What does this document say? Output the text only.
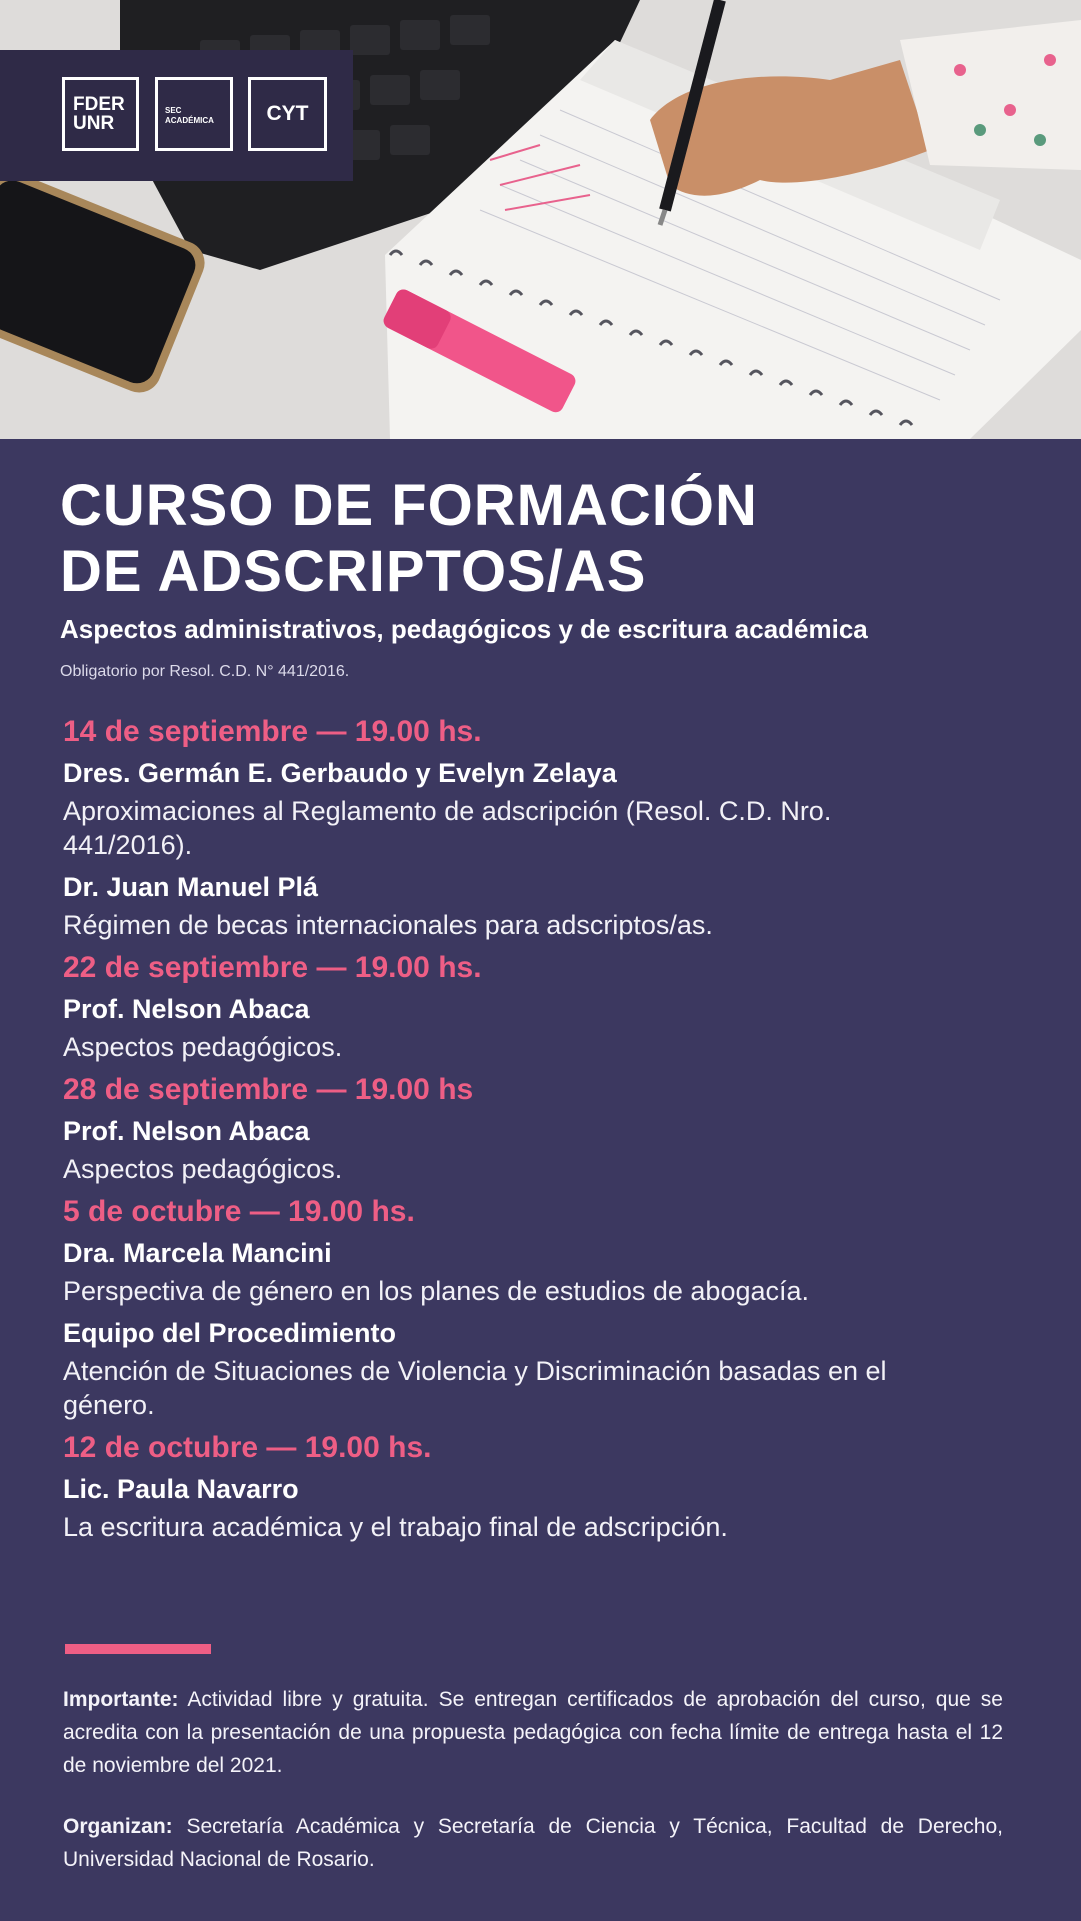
FDER
UNR
SEC
ACADÉMICA	CYT
CURSO DE FORMACIÓN
DE ADSCRIPTOS/AS
Aspectos administrativos, pedagógicos y de escritura académica
Obligatorio por Resol. C.D. N° 441/2016.
14 de septiembre — 19.00 hs.
Dres. Germán E. Gerbaudo y Evelyn Zelaya
Aproximaciones al Reglamento de adscripción (Resol. C.D. Nro. 441/2016).
Dr. Juan Manuel Plá
Régimen de becas internacionales para adscriptos/as.
22 de septiembre — 19.00 hs.
Prof. Nelson Abaca
Aspectos pedagógicos.
28 de septiembre — 19.00 hs
Prof. Nelson Abaca
Aspectos pedagógicos.
5 de octubre — 19.00 hs.
Dra. Marcela Mancini
Perspectiva de género en los planes de estudios de abogacía.
Equipo del Procedimiento
Atención de Situaciones de Violencia y Discriminación basadas en el género.
12 de octubre — 19.00 hs.
Lic. Paula Navarro
La escritura académica y el trabajo final de adscripción.
Importante: Actividad libre y gratuita. Se entregan certificados de aprobación del curso, que se acredita con la presentación de una propuesta pedagógica con fecha límite de entrega hasta el 12 de noviembre del 2021.
Organizan: Secretaría Académica y Secretaría de Ciencia y Técnica, Facultad de Derecho, Universidad Nacional de Rosario.
